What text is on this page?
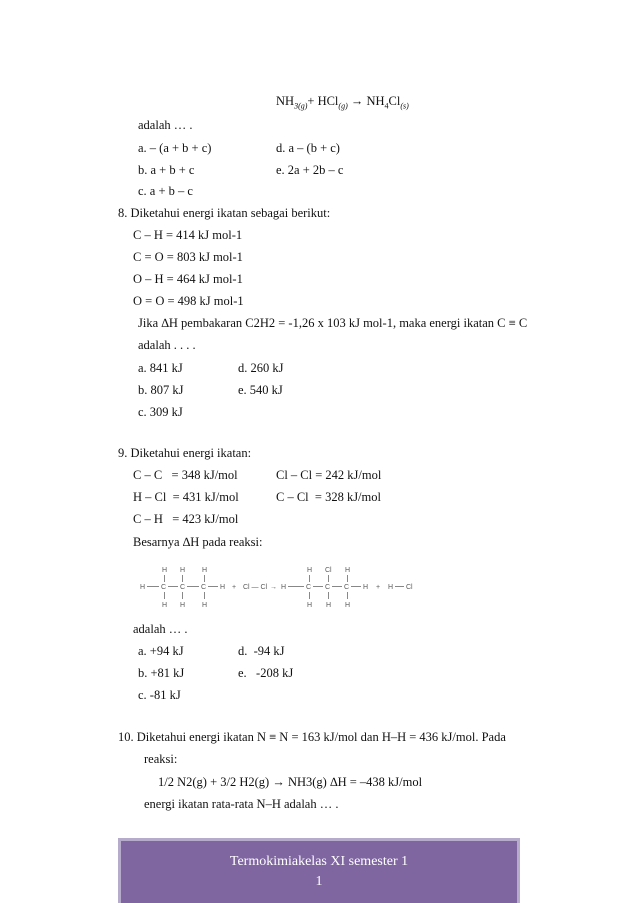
$NH_{3(g)}+ HCl_{(g)} \to NH_4Cl_{(s)}$
adalah … .
a. – (a + b + c)	d. a – (b + c)
b. a + b + c	e. 2a + 2b – c
c. a + b – c
8. Diketahui energi ikatan sebagai berikut:
C – H = 414 kJ mol-1
C = O = 803 kJ mol-1
O – H = 464 kJ mol-1
O = O = 498 kJ mol-1
Jika ∆H pembakaran C2H2 = -1,26 x 103 kJ mol-1, maka energi ikatan C ≡ C
adalah . . . .
a. 841 kJ	d. 260 kJ
b. 807 kJ	e. 540 kJ
c. 309 kJ
9. Diketahui energi ikatan:
C – C   = 348 kJ/mol	Cl – Cl = 242 kJ/mol
H – Cl  = 431 kJ/mol	C – Cl  = 328 kJ/mol
C – H   = 423 kJ/mol
Besarnya ∆H pada reaksi:
H H H
H C C C H
H H H
+ Cl — Cl →
H Cl H
H	C C C H
H H H
+ H Cl
adalah … .
a. +94 kJ	d.  -94 kJ
b. +81 kJ	e.   -208 kJ
c. -81 kJ
10. Diketahui energi ikatan N ≡ N = 163 kJ/mol dan H–H = 436 kJ/mol. Pada
reaksi:
1/2 N2(g) + 3/2 H2(g) → NH3(g) ∆H = –438 kJ/mol
energi ikatan rata-rata N–H adalah … .
Termokimiakelas XI semester 1
1
